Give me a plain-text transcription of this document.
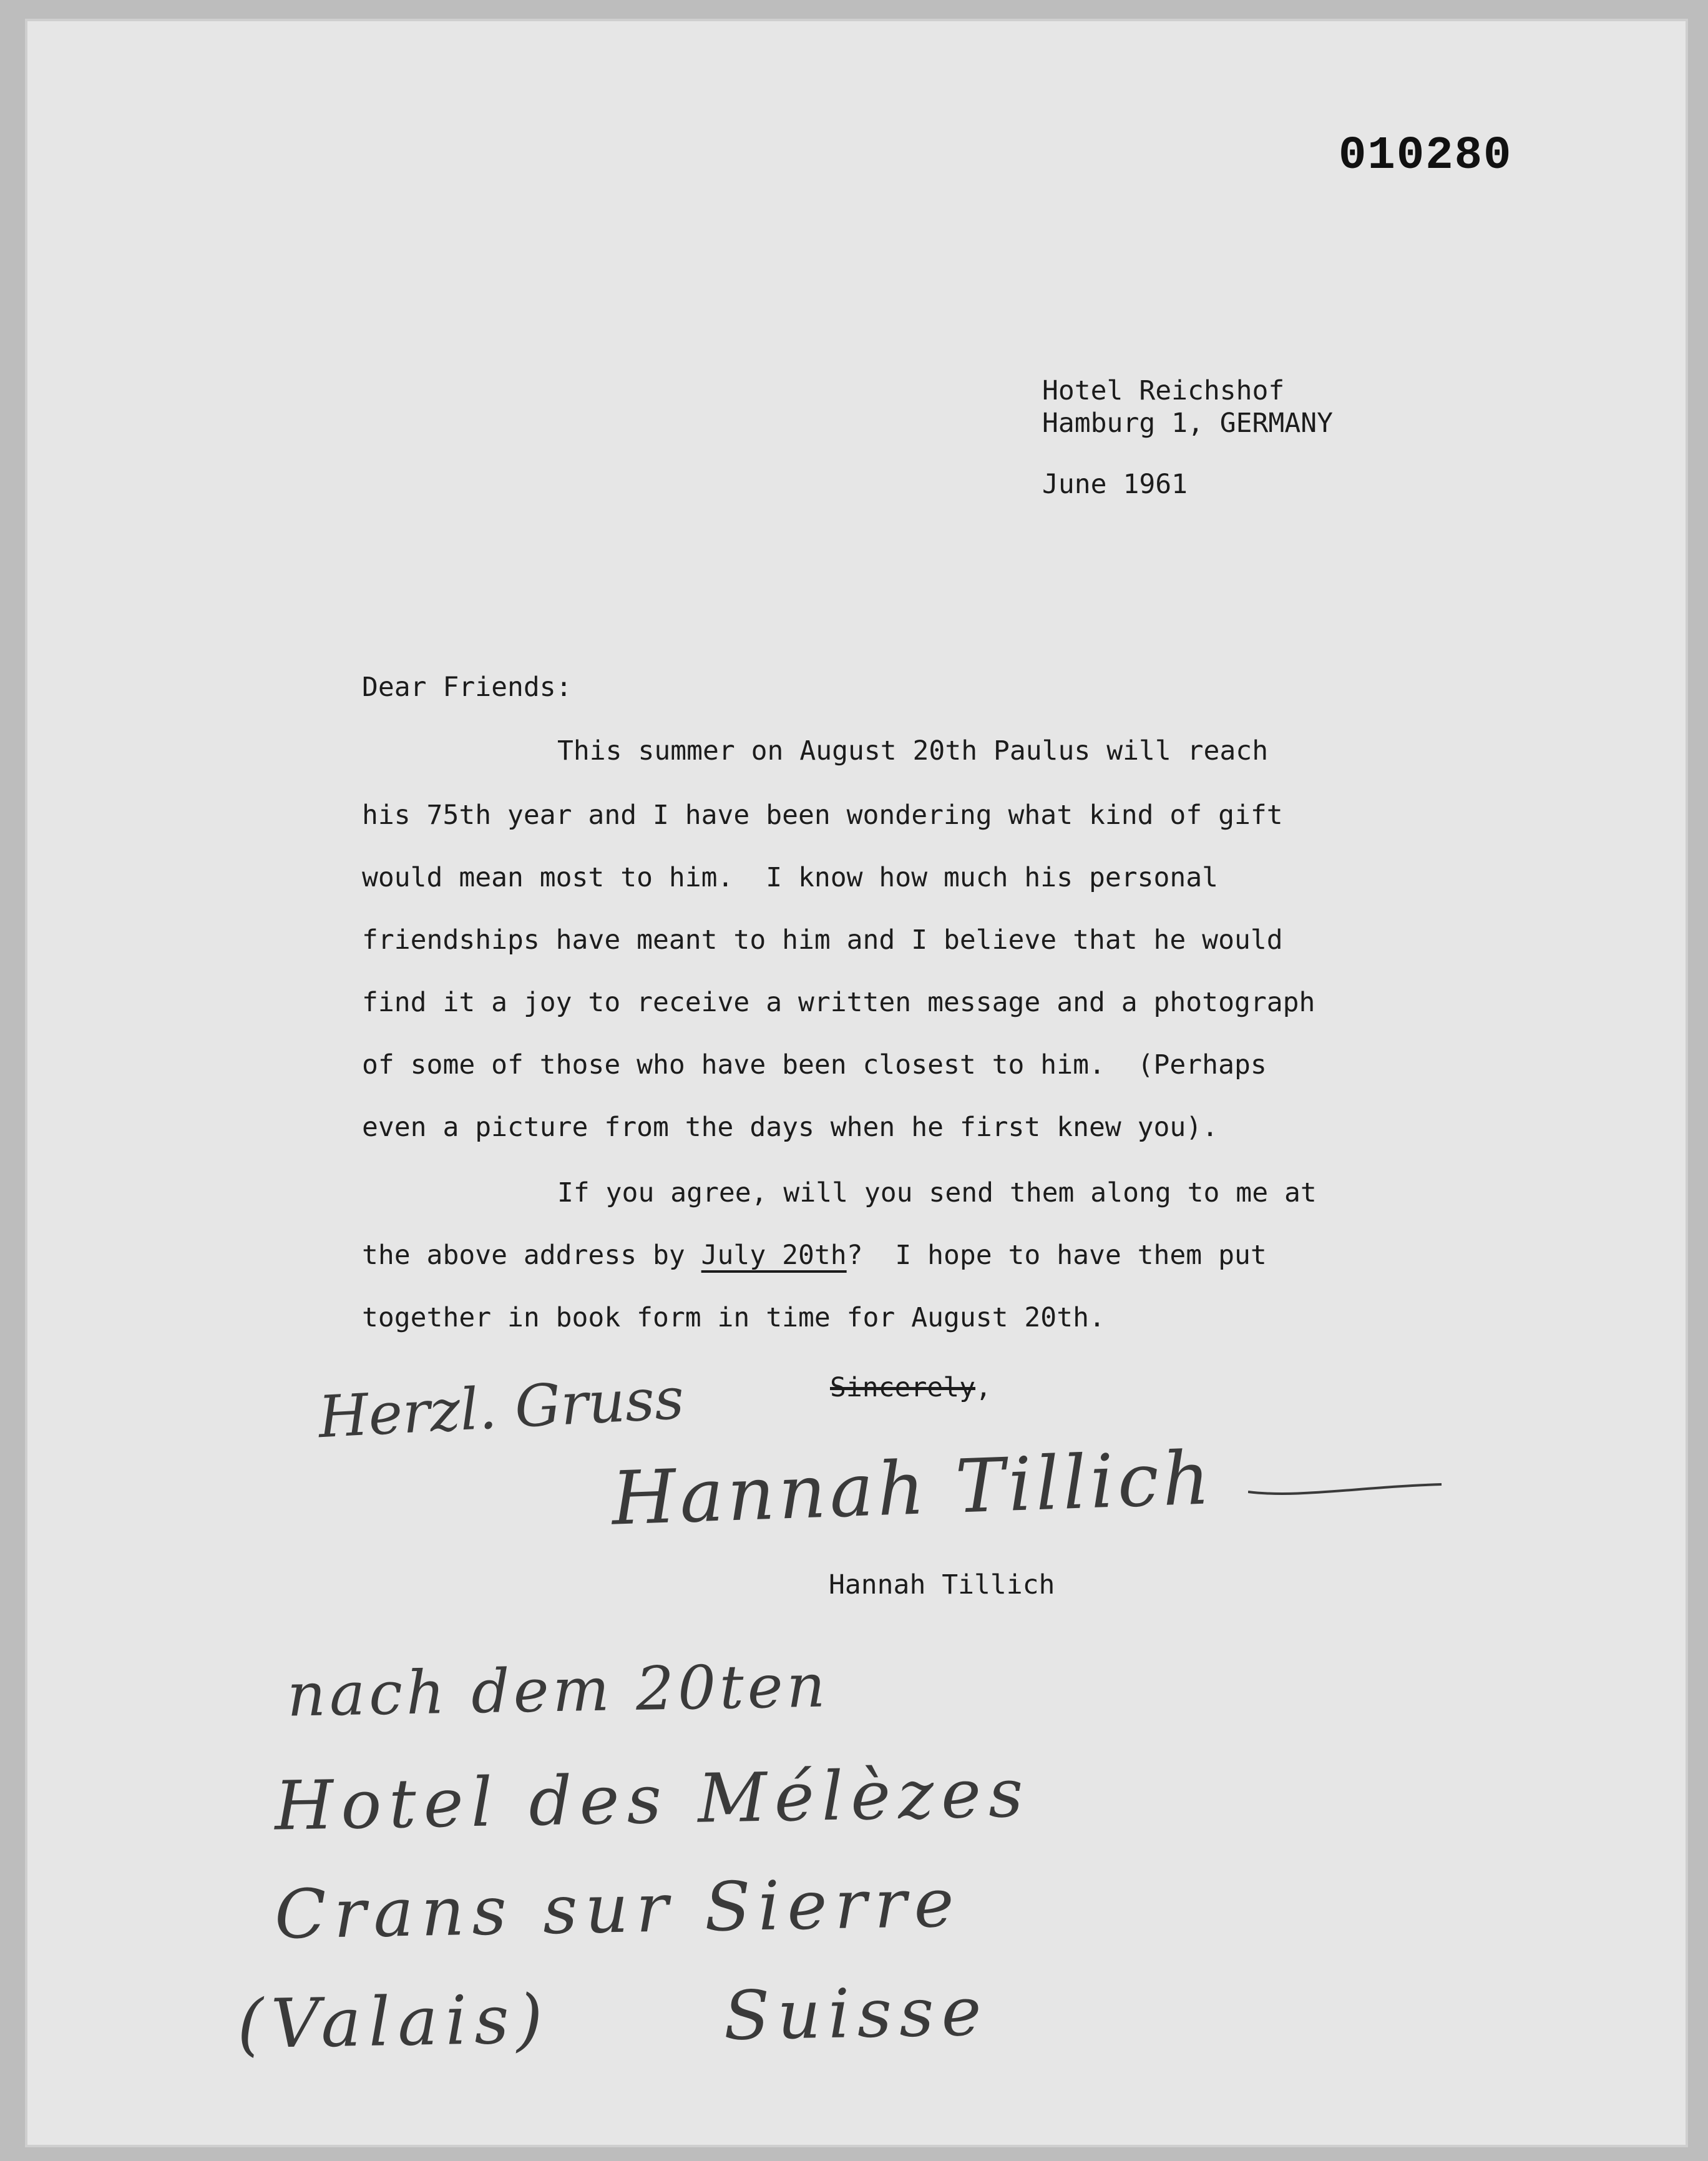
010280
Hotel Reichshof
Hamburg 1, GERMANY
June 1961
Dear Friends:
This summer on August 20th Paulus will reach
his 75th year and I have been wondering what kind of gift
would mean most to him.  I know how much his personal
friendships have meant to him and I believe that he would
find it a joy to receive a written message and a photograph
of some of those who have been closest to him.  (Perhaps
even a picture from the days when he first knew you).
If you agree, will you send them along to me at
the above address by July 20th?  I hope to have them put
together in book form in time for August 20th.
Herzl. Gruss	Sincerely,
Hannah Tillich
Hannah Tillich
nach dem 20ten
Hotel des Mélèzes
Crans sur Sierre
(Valais)      Suisse
